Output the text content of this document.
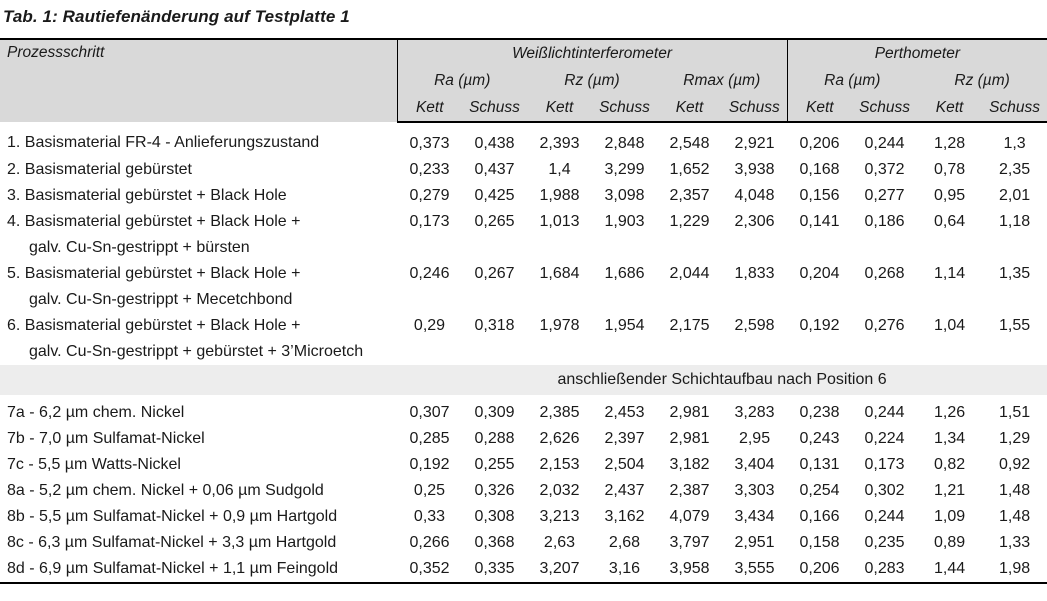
Tab. 1: Rautiefenänderung auf Testplatte 1
Prozessschritt	Weißlichtinterferometer						Perthometer			
	Ra (µm)		Rz (µm)		Rmax (µm)		Ra (µm)		Rz (µm)	
	Kett	Schuss	Kett	Schuss	Kett	Schuss	Kett	Schuss	Kett	Schuss

1. Basismaterial FR-4 - Anlieferungszustand	0,373	0,438	2,393	2,848	2,548	2,921	0,206	0,244	1,28	1,3

2. Basismaterial gebürstet	0,233	0,437	1,4	3,299	1,652	3,938	0,168	0,372	0,78	2,35

3. Basismaterial gebürstet + Black Hole	0,279	0,425	1,988	3,098	2,357	4,048	0,156	0,277	0,95	2,01

4. Basismaterial gebürstet + Black Hole +
galv. Cu-Sn-gestrippt + bürsten	0,173	0,265	1,013	1,903	1,229	2,306	0,141	0,186	0,64	1,18

5. Basismaterial gebürstet + Black Hole +
galv. Cu-Sn-gestrippt + Mecetchbond	0,246	0,267	1,684	1,686	2,044	1,833	0,204	0,268	1,14	1,35

6. Basismaterial gebürstet + Black Hole +
galv. Cu-Sn-gestrippt + gebürstet + 3’Microetch	0,29	0,318	1,978	1,954	2,175	2,598	0,192	0,276	1,04	1,55
	anschließender Schichtaufbau nach Position 6									

7a - 6,2 µm chem. Nickel	0,307	0,309	2,385	2,453	2,981	3,283	0,238	0,244	1,26	1,51

7b - 7,0 µm Sulfamat-Nickel	0,285	0,288	2,626	2,397	2,981	2,95	0,243	0,224	1,34	1,29

7c - 5,5 µm Watts-Nickel	0,192	0,255	2,153	2,504	3,182	3,404	0,131	0,173	0,82	0,92

8a - 5,2 µm chem. Nickel + 0,06 µm Sudgold	0,25	0,326	2,032	2,437	2,387	3,303	0,254	0,302	1,21	1,48

8b - 5,5 µm Sulfamat-Nickel + 0,9 µm Hartgold	0,33	0,308	3,213	3,162	4,079	3,434	0,166	0,244	1,09	1,48

8c - 6,3 µm Sulfamat-Nickel + 3,3 µm Hartgold	0,266	0,368	2,63	2,68	3,797	2,951	0,158	0,235	0,89	1,33

8d - 6,9 µm Sulfamat-Nickel + 1,1 µm Feingold	0,352	0,335	3,207	3,16	3,958	3,555	0,206	0,283	1,44	1,98
